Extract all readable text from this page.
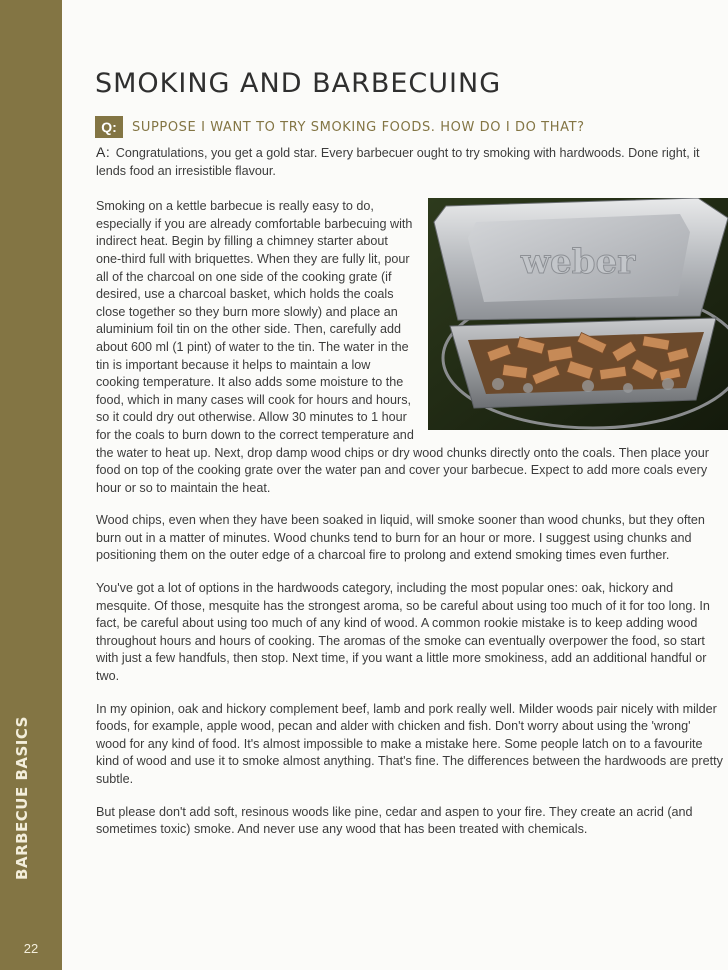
BARBECUE BASICS
22
SMOKING AND BARBECUING
Q:	SUPPOSE I WANT TO TRY SMOKING FOODS. HOW DO I DO THAT?

A: Congratulations, you get a gold star. Every barbecuer ought to try smoking with hardwoods. Done right, it lends food an irresistible flavour.

weber

Smoking on a kettle barbecue is really easy to do, especially if you are already comfortable barbecuing with indirect heat. Begin by filling a chimney starter about one-third full with briquettes. When they are fully lit, pour all of the charcoal on one side of the cooking grate (if desired, use a charcoal basket, which holds the coals close together so they burn more slowly) and place an aluminium foil tin on the other side. Then, carefully add about 600 ml (1 pint) of water to the tin. The water in the tin is important because it helps to maintain a low cooking temperature. It also adds some moisture to the food, which in many cases will cook for hours and hours, so it could dry out otherwise. Allow 30 minutes to 1 hour for the coals to burn down to the correct temperature and the water to heat up. Next, drop damp wood chips or dry wood chunks directly onto the coals. Then place your food on top of the cooking grate over the water pan and cover your barbecue. Expect to add more coals every hour or so to maintain the heat.

Wood chips, even when they have been soaked in liquid, will smoke sooner than wood chunks, but they often burn out in a matter of minutes. Wood chunks tend to burn for an hour or more. I suggest using chunks and positioning them on the outer edge of a charcoal fire to prolong and extend smoking times even further.

You've got a lot of options in the hardwoods category, including the most popular ones: oak, hickory and mesquite. Of those, mesquite has the strongest aroma, so be careful about using too much of it for too long. In fact, be careful about using too much of any kind of wood. A common rookie mistake is to keep adding wood throughout hours and hours of cooking. The aromas of the smoke can eventually overpower the food, so start with just a few handfuls, then stop. Next time, if you want a little more smokiness, add an additional handful or two.

In my opinion, oak and hickory complement beef, lamb and pork really well. Milder woods pair nicely with milder foods, for example, apple wood, pecan and alder with chicken and fish. Don't worry about using the 'wrong' wood for any kind of food. It's almost impossible to make a mistake here. Some people latch on to a favourite kind of wood and use it to smoke almost anything. That's fine. The differences between the hardwoods are pretty subtle.

But please don't add soft, resinous woods like pine, cedar and aspen to your fire. They create an acrid (and sometimes toxic) smoke. And never use any wood that has been treated with chemicals.
